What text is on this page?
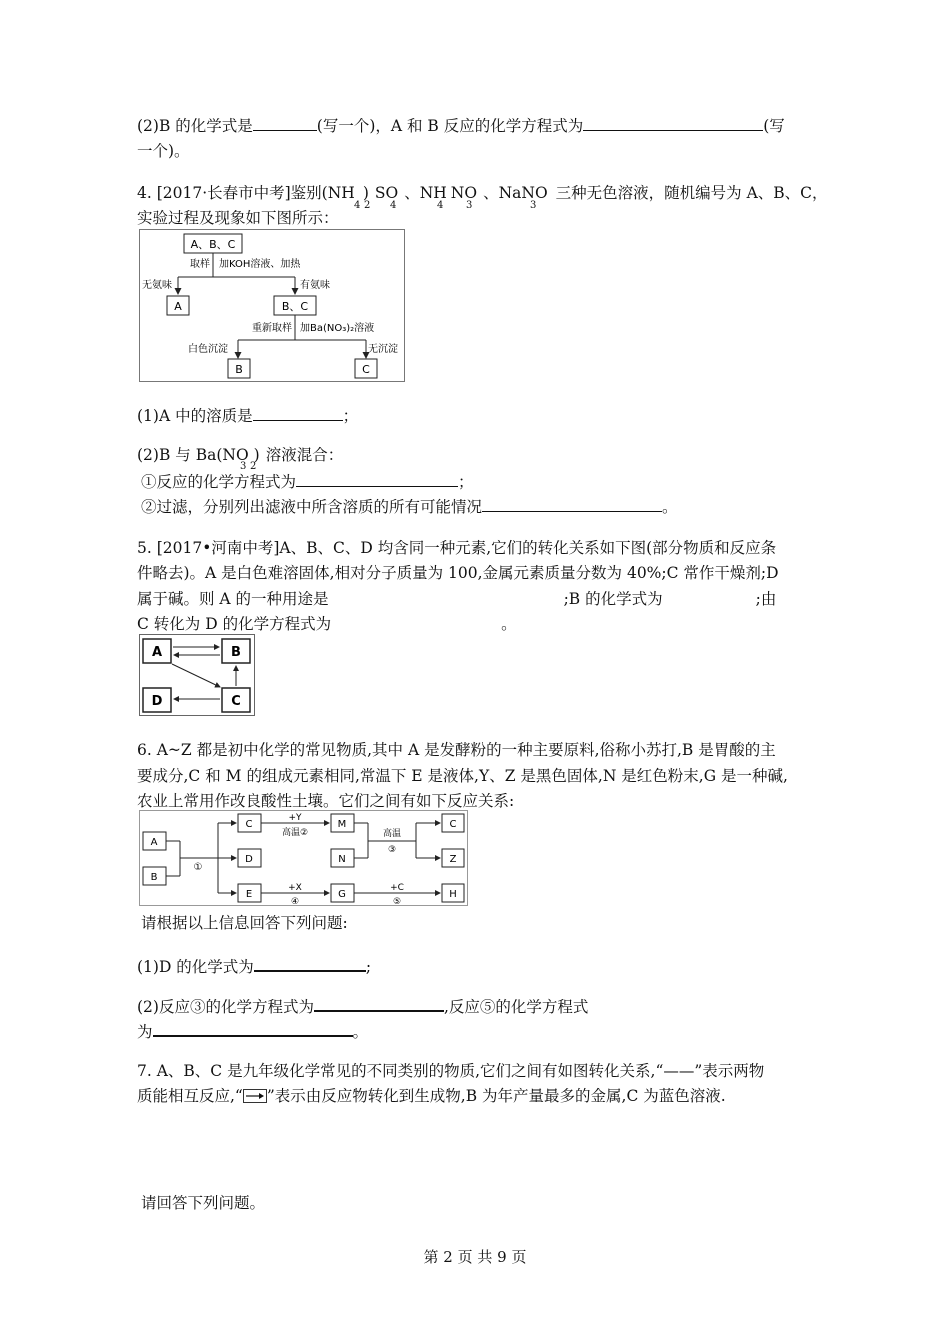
(2)B 的化学式是	(写一个)，A 和 B 反应的化学方程式为	(写
一个)。
4. [2017·长春市中考]鉴别(NH ) SO 、NH NO 、NaNO 三种无色溶液，随机编号为 A、B、C，
4 2 4	4 3	3
实验过程及现象如下图所示：
A、B、C
取样 加KOH溶液、加热
无氨味	有氨味
A	B、C
重新取样 加Ba(NO₃)₂溶液
白色沉淀	无沉淀
B	C
(1)A 中的溶质是	；
(2)B 与 Ba(NO ) 溶液混合：
3 2
①反应的化学方程式为	；
②过滤，分别列出滤液中所含溶质的所有可能情况	。
5. [2017•河南中考]A、B、C、D 均含同一种元素,它们的转化关系如下图(部分物质和反应条
件略去)。A 是白色难溶固体,相对分子质量为 100,金属元素质量分数为 40%;C 常作干燥剂;D
属于碱。则 A 的一种用途是	;B 的化学式为	;由
C 转化为 D 的化学方程式为	。
A	B
D	C
6. A~Z 都是初中化学的常见物质,其中 A 是发酵粉的一种主要原料,俗称小苏打,B 是胃酸的主
要成分,C 和 M 的组成元素相同,常温下 E 是液体,Y、Z 是黑色固体,N 是红色粉末,G 是一种碱,
农业上常用作改良酸性土壤。它们之间有如下反应关系:
A
B
①
C
D
E
+Y
高温②
M
N
高温
③
C
Z
+X
④
G
+C
⑤
H
请根据以上信息回答下列问题:
(1)D 的化学式为	;
(2)反应③的化学方程式为	,反应⑤的化学方程式
为	。
7. A、B、C 是九年级化学常见的不同类别的物质,它们之间有如图转化关系,“——”表示两物
质能相互反应,“ ”表示由反应物转化到生成物,B 为年产量最多的金属,C 为蓝色溶液.
请回答下列问题。
第 2 页 共 9 页
